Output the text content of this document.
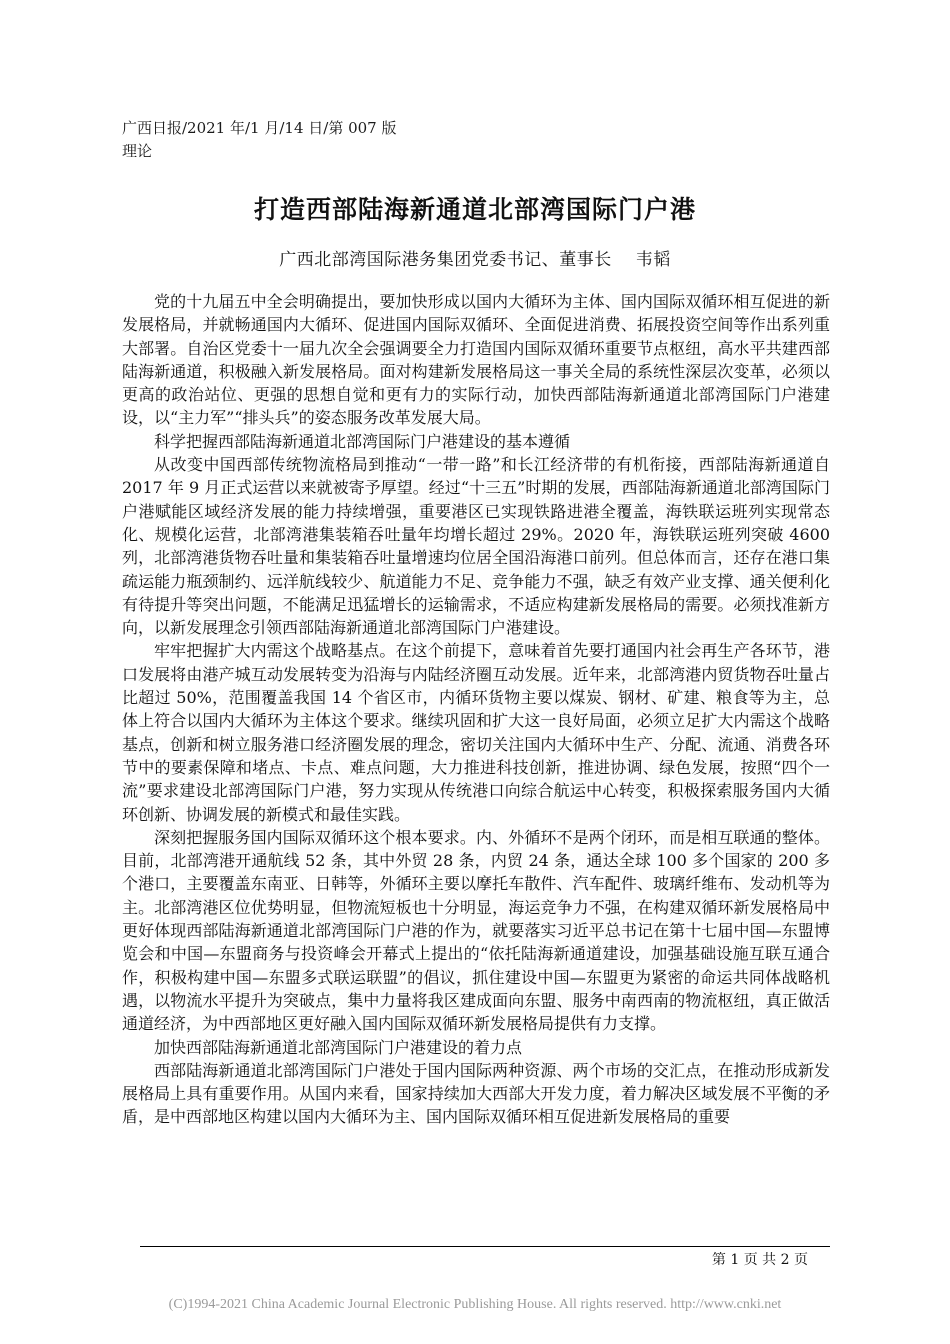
广西日报/2021 年/1 月/14 日/第 007 版
理论
打造西部陆海新通道北部湾国际门户港
广西北部湾国际港务集团党委书记、董事长 韦韬

党的十九届五中全会明确提出，要加快形成以国内大循环为主体、国内国际双循环相互促进的新发展格局，并就畅通国内大循环、促进国内国际双循环、全面促进消费、拓展投资空间等作出系列重大部署。自治区党委十一届九次全会强调要全力打造国内国际双循环重要节点枢纽，高水平共建西部陆海新通道，积极融入新发展格局。面对构建新发展格局这一事关全局的系统性深层次变革，必须以更高的政治站位、更强的思想自觉和更有力的实际行动，加快西部陆海新通道北部湾国际门户港建设，以“主力军”“排头兵”的姿态服务改革发展大局。

科学把握西部陆海新通道北部湾国际门户港建设的基本遵循

从改变中国西部传统物流格局到推动“一带一路”和长江经济带的有机衔接，西部陆海新通道自 2017 年 9 月正式运营以来就被寄予厚望。经过“十三五”时期的发展，西部陆海新通道北部湾国际门户港赋能区域经济发展的能力持续增强，重要港区已实现铁路进港全覆盖，海铁联运班列实现常态化、规模化运营，北部湾港集装箱吞吐量年均增长超过 29%。2020 年，海铁联运班列突破 4600 列，北部湾港货物吞吐量和集装箱吞吐量增速均位居全国沿海港口前列。但总体而言，还存在港口集疏运能力瓶颈制约、远洋航线较少、航道能力不足、竞争能力不强，缺乏有效产业支撑、通关便利化有待提升等突出问题，不能满足迅猛增长的运输需求，不适应构建新发展格局的需要。必须找准新方向，以新发展理念引领西部陆海新通道北部湾国际门户港建设。

牢牢把握扩大内需这个战略基点。在这个前提下，意味着首先要打通国内社会再生产各环节，港口发展将由港产城互动发展转变为沿海与内陆经济圈互动发展。近年来，北部湾港内贸货物吞吐量占比超过 50%，范围覆盖我国 14 个省区市，内循环货物主要以煤炭、钢材、矿建、粮食等为主，总体上符合以国内大循环为主体这个要求。继续巩固和扩大这一良好局面，必须立足扩大内需这个战略基点，创新和树立服务港口经济圈发展的理念，密切关注国内大循环中生产、分配、流通、消费各环节中的要素保障和堵点、卡点、难点问题，大力推进科技创新，推进协调、绿色发展，按照“四个一流”要求建设北部湾国际门户港，努力实现从传统港口向综合航运中心转变，积极探索服务国内大循环创新、协调发展的新模式和最佳实践。

深刻把握服务国内国际双循环这个根本要求。内、外循环不是两个闭环，而是相互联通的整体。目前，北部湾港开通航线 52 条，其中外贸 28 条，内贸 24 条，通达全球 100 多个国家的 200 多个港口，主要覆盖东南亚、日韩等，外循环主要以摩托车散件、汽车配件、玻璃纤维布、发动机等为主。北部湾港区位优势明显，但物流短板也十分明显，海运竞争力不强，在构建双循环新发展格局中更好体现西部陆海新通道北部湾国际门户港的作为，就要落实习近平总书记在第十七届中国—东盟博览会和中国—东盟商务与投资峰会开幕式上提出的“依托陆海新通道建设，加强基础设施互联互通合作，积极构建中国—东盟多式联运联盟”的倡议，抓住建设中国—东盟更为紧密的命运共同体战略机遇，以物流水平提升为突破点，集中力量将我区建成面向东盟、服务中南西南的物流枢纽，真正做活通道经济，为中西部地区更好融入国内国际双循环新发展格局提供有力支撑。

加快西部陆海新通道北部湾国际门户港建设的着力点

西部陆海新通道北部湾国际门户港处于国内国际两种资源、两个市场的交汇点，在推动形成新发展格局上具有重要作用。从国内来看，国家持续加大西部大开发力度，着力解决区域发展不平衡的矛盾，是中西部地区构建以国内大循环为主、国内国际双循环相互促进新发展格局的重要

第 1 页 共 2 页
(C)1994-2021 China Academic Journal Electronic Publishing House. All rights reserved. http://www.cnki.net
